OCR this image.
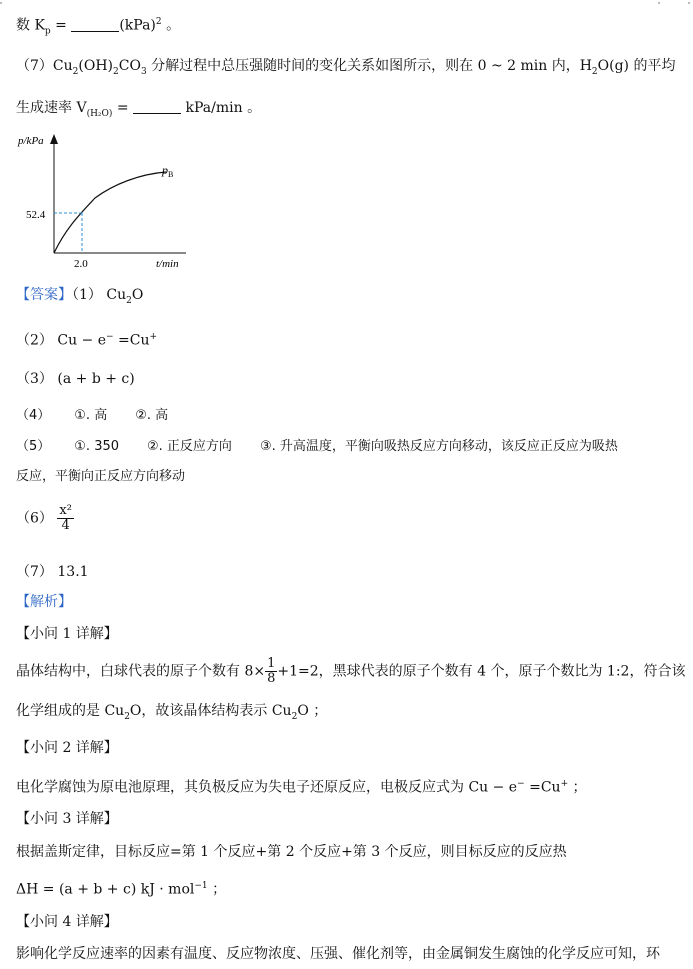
数 $K_p$ =	(kPa)$^2$ 。
$(7)Cu_2(OH)_2CO_3$ 分解过程中总压强随时间的变化关系如图所示，则在 0 ~ 2 min 内，$H_2O(g)$ 的平均
生成速率 $V_{(H_2O)}$ =	kPa/min 。
p/kPa
52.4
2.0	t/min
$p_B$
【答案】（1） $Cu_2O$
（2） Cu − e− =Cu+
（3） (a + b + c)
（4） ①. 高 ②. 高
（5） ①. 350 ②. 正反应方向 ③. 升高温度，平衡向吸热反应方向移动，该反应正反应为吸热
反应，平衡向正反应方向移动
$(6) \frac{\text{x²}}{4}$
（7） 13.1
【解析】
【小问 1 详解】
晶体结构中，白球代表的原子个数有 $8\times \frac{1}{8} +1=2$，黑球代表的原子个数有 4 个，原子个数比为 1:2，符合该
化学组成的是 $Cu_2O$，故该晶体结构表示 $Cu_2O$ ；
【小问 2 详解】
电化学腐蚀为原电池原理，其负极反应为失电子还原反应，电极反应式为 Cu − e− =Cu+ ；
【小问 3 详解】
根据盖斯定律，目标反应=第 1 个反应+第 2 个反应+第 3 个反应，则目标反应的反应热
ΔH = (a + b + c) kJ · mol$^{-1}$ ；
【小问 4 详解】
影响化学反应速率的因素有温度、反应物浓度、压强、催化剂等，由金属铜发生腐蚀的化学反应可知，环
